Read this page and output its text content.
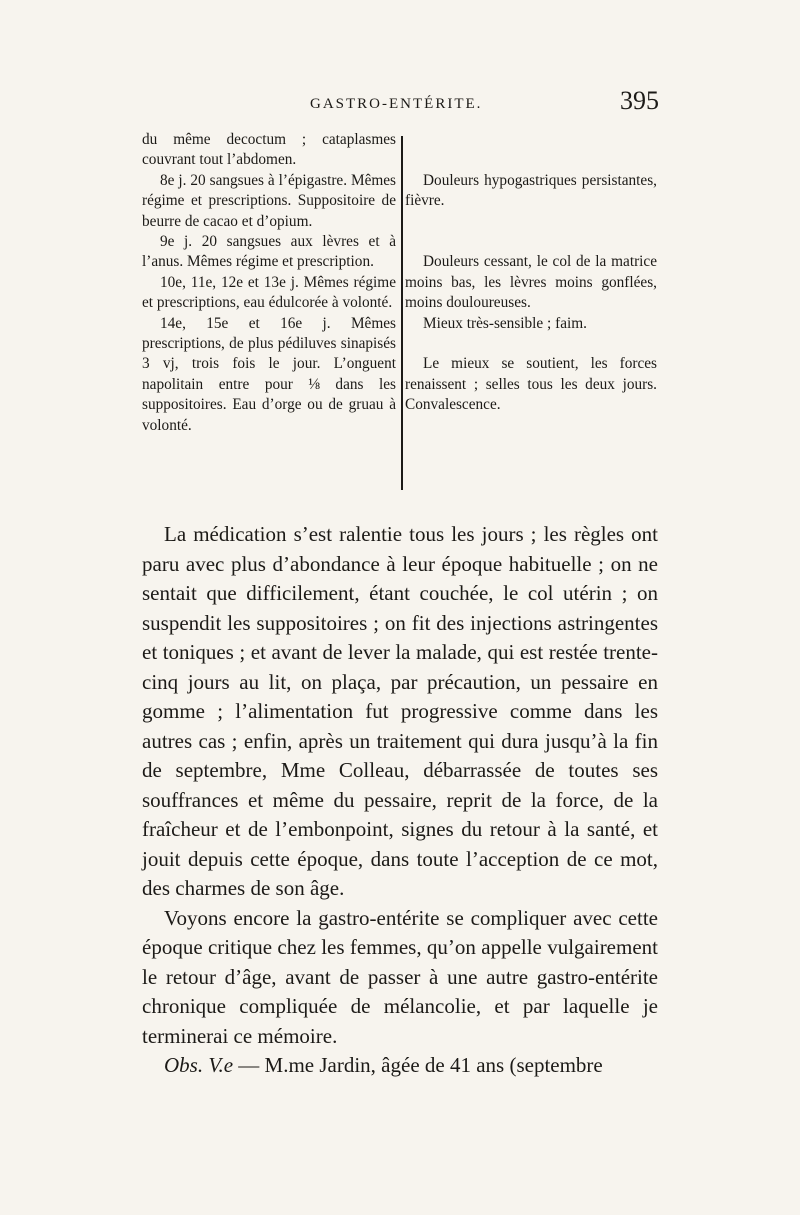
GASTRO-ENTÉRITE.	395

du même decoctum ; cataplasmes couvrant tout l’abdomen.

8e j. 20 sangsues à l’épigastre. Mêmes régime et prescriptions. Suppositoire de beurre de cacao et d’opium.

9e j. 20 sangsues aux lèvres et à l’anus. Mêmes régime et prescription.

10e, 11e, 12e et 13e j. Mêmes régime et prescriptions, eau édulcorée à volonté.

14e, 15e et 16e j. Mêmes prescriptions, de plus pédiluves sinapisés 3 vj, trois fois le jour. L’onguent napolitain entre pour ⅛ dans les suppositoires. Eau d’orge ou de gruau à volonté.

Douleurs hypogastriques persistantes, fièvre.

Douleurs cessant, le col de la matrice moins bas, les lèvres moins gonflées, moins douloureuses.

Mieux très-sensible ; faim.

Le mieux se soutient, les forces renaissent ; selles tous les deux jours. Convalescence.

La médication s’est ralentie tous les jours ; les règles ont paru avec plus d’abondance à leur époque habituelle ; on ne sentait que difficilement, étant couchée, le col utérin ; on suspendit les suppositoires ; on fit des injections astringentes et toniques ; et avant de lever la malade, qui est restée trente-cinq jours au lit, on plaça, par précaution, un pessaire en gomme ; l’alimentation fut progressive comme dans les autres cas ; enfin, après un traitement qui dura jusqu’à la fin de septembre, Mme Colleau, débarrassée de toutes ses souffrances et même du pessaire, reprit de la force, de la fraîcheur et de l’embonpoint, signes du retour à la santé, et jouit depuis cette époque, dans toute l’acception de ce mot, des charmes de son âge.

Voyons encore la gastro-entérite se compliquer avec cette époque critique chez les femmes, qu’on appelle vulgairement le retour d’âge, avant de passer à une autre gastro-entérite chronique compliquée de mélancolie, et par laquelle je terminerai ce mémoire.

Obs. V.e — M.me Jardin, âgée de 41 ans (septembre
